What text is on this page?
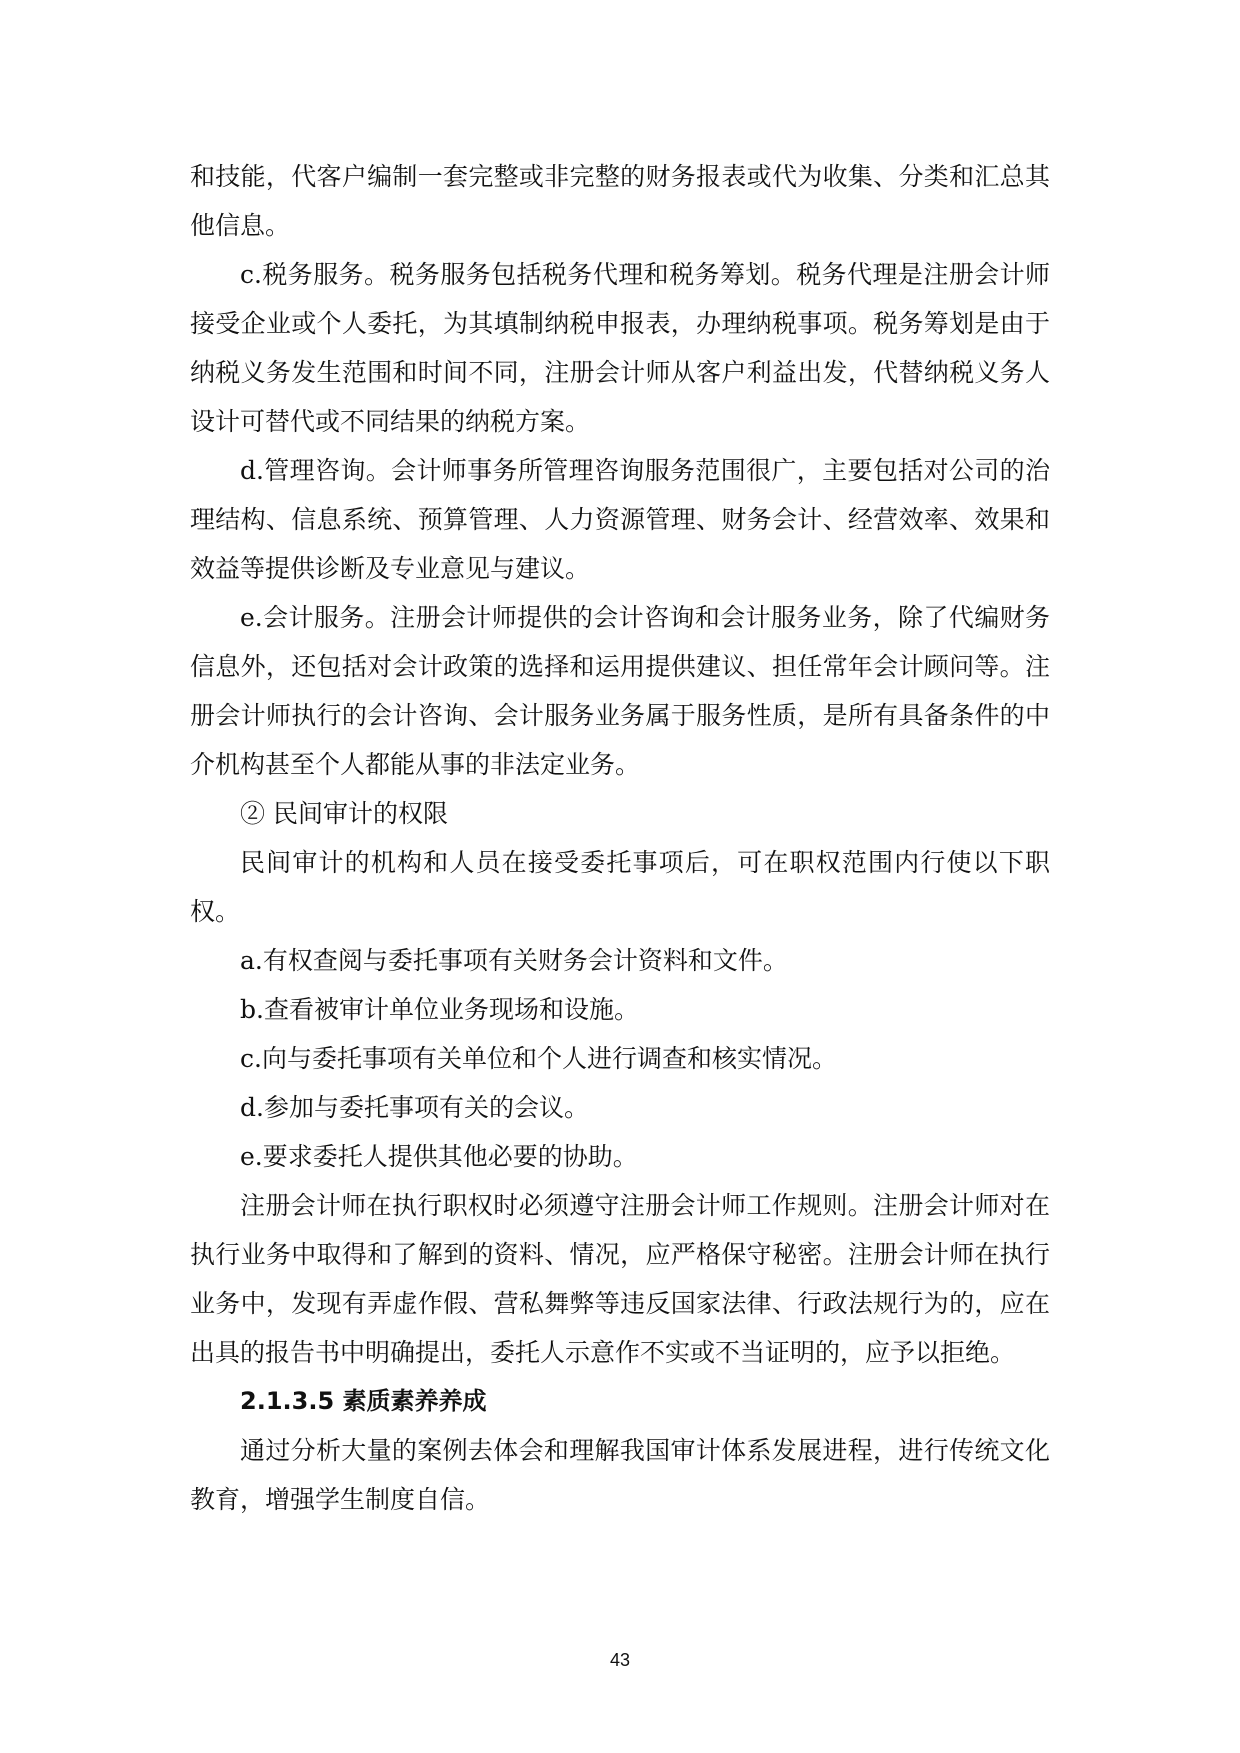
和技能，代客户编制一套完整或非完整的财务报表或代为收集、分类和汇总其他信息。

c.税务服务。税务服务包括税务代理和税务筹划。税务代理是注册会计师接受企业或个人委托，为其填制纳税申报表，办理纳税事项。税务筹划是由于纳税义务发生范围和时间不同，注册会计师从客户利益出发，代替纳税义务人设计可替代或不同结果的纳税方案。

d.管理咨询。会计师事务所管理咨询服务范围很广，主要包括对公司的治理结构、信息系统、预算管理、人力资源管理、财务会计、经营效率、效果和效益等提供诊断及专业意见与建议。

e.会计服务。注册会计师提供的会计咨询和会计服务业务，除了代编财务信息外，还包括对会计政策的选择和运用提供建议、担任常年会计顾问等。注册会计师执行的会计咨询、会计服务业务属于服务性质，是所有具备条件的中介机构甚至个人都能从事的非法定业务。

② 民间审计的权限

民间审计的机构和人员在接受委托事项后，可在职权范围内行使以下职权。

a.有权查阅与委托事项有关财务会计资料和文件。

b.查看被审计单位业务现场和设施。

c.向与委托事项有关单位和个人进行调查和核实情况。

d.参加与委托事项有关的会议。

e.要求委托人提供其他必要的协助。

注册会计师在执行职权时必须遵守注册会计师工作规则。注册会计师对在执行业务中取得和了解到的资料、情况，应严格保守秘密。注册会计师在执行业务中，发现有弄虚作假、营私舞弊等违反国家法律、行政法规行为的，应在出具的报告书中明确提出，委托人示意作不实或不当证明的，应予以拒绝。

2.1.3.5 素质素养养成

通过分析大量的案例去体会和理解我国审计体系发展进程，进行传统文化教育，增强学生制度自信。

43
